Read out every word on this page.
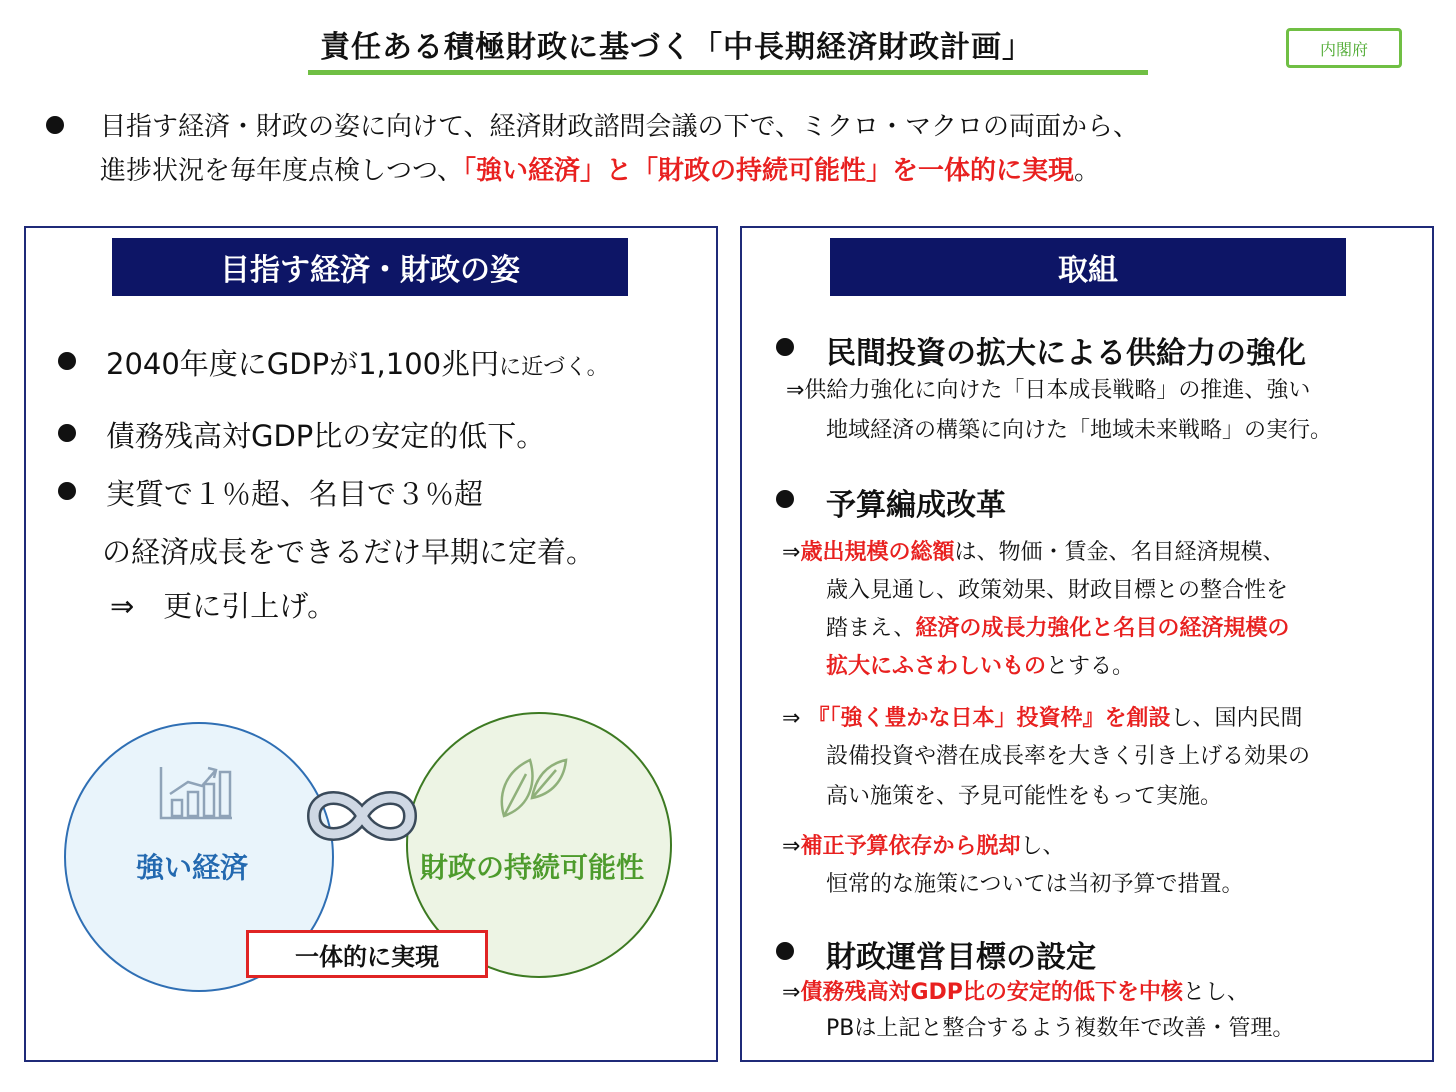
責任ある積極財政に基づく「中長期経済財政計画」	内閣府
目指す経済・財政の姿に向けて、経済財政諮問会議の下で、ミクロ・マクロの両面から、
進捗状況を毎年度点検しつつ、「強い経済」と「財政の持続可能性」を一体的に実現。
目指す経済・財政の姿
2040年度にGDPが1,100兆円に近づく。
債務残高対GDP比の安定的低下。
実質で１％超、名目で３％超
の経済成長をできるだけ早期に定着。
⇒　更に引上げ。
強い経済	財政の持続可能性
一体的に実現
取組
民間投資の拡大による供給力の強化
⇒供給力強化に向けた「日本成長戦略」の推進、強い
地域経済の構築に向けた「地域未来戦略」の実行。
予算編成改革
⇒歳出規模の総額は、物価・賃金、名目経済規模、
歳入見通し、政策効果、財政目標との整合性を
踏まえ、経済の成長力強化と名目の経済規模の
拡大にふさわしいものとする。
⇒ 『「強く豊かな日本」投資枠』を創設し、国内民間
設備投資や潜在成長率を大きく引き上げる効果の
高い施策を、予見可能性をもって実施。
⇒補正予算依存から脱却し、
恒常的な施策については当初予算で措置。
財政運営目標の設定
⇒債務残高対GDP比の安定的低下を中核とし、
PBは上記と整合するよう複数年で改善・管理。
